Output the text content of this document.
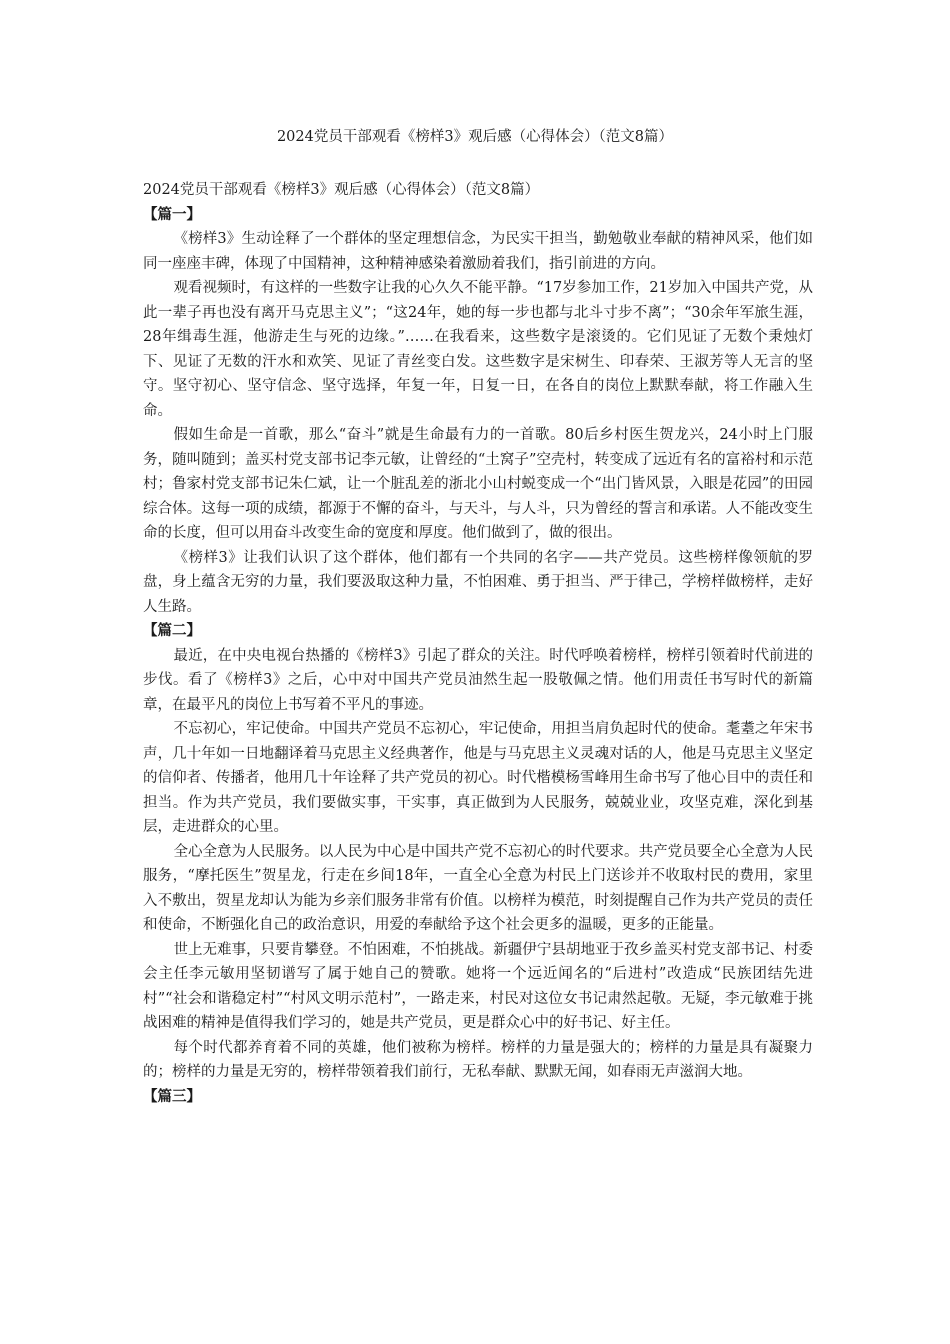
2024党员干部观看《榜样3》观后感（心得体会）（范文8篇）

2024党员干部观看《榜样3》观后感（心得体会）（范文8篇）

【篇一】

《榜样3》生动诠释了一个群体的坚定理想信念，为民实干担当，勤勉敬业奉献的精神风采，他们如同一座座丰碑，体现了中国精神，这种精神感染着激励着我们，指引前进的方向。

观看视频时，有这样的一些数字让我的心久久不能平静。“17岁参加工作，21岁加入中国共产党，从此一辈子再也没有离开马克思主义”；“这24年，她的每一步也都与北斗寸步不离”；“30余年军旅生涯，28年缉毒生涯，他游走生与死的边缘。”……在我看来，这些数字是滚烫的。它们见证了无数个秉烛灯下、见证了无数的汗水和欢笑、见证了青丝变白发。这些数字是宋树生、印春荣、王淑芳等人无言的坚守。坚守初心、坚守信念、坚守选择，年复一年，日复一日，在各自的岗位上默默奉献，将工作融入生命。

假如生命是一首歌，那么“奋斗”就是生命最有力的一首歌。80后乡村医生贺龙兴，24小时上门服务，随叫随到；盖买村党支部书记李元敏，让曾经的“土窝子”空壳村，转变成了远近有名的富裕村和示范村；鲁家村党支部书记朱仁斌，让一个脏乱差的浙北小山村蜕变成一个“出门皆风景，入眼是花园”的田园综合体。这每一项的成绩，都源于不懈的奋斗，与天斗，与人斗，只为曾经的誓言和承诺。人不能改变生命的长度，但可以用奋斗改变生命的宽度和厚度。他们做到了，做的很出。

《榜样3》让我们认识了这个群体，他们都有一个共同的名字——共产党员。这些榜样像领航的罗盘，身上蕴含无穷的力量，我们要汲取这种力量，不怕困难、勇于担当、严于律己，学榜样做榜样，走好人生路。

【篇二】

最近，在中央电视台热播的《榜样3》引起了群众的关注。时代呼唤着榜样，榜样引领着时代前进的步伐。看了《榜样3》之后，心中对中国共产党员油然生起一股敬佩之情。他们用责任书写时代的新篇章，在最平凡的岗位上书写着不平凡的事迹。

不忘初心，牢记使命。中国共产党员不忘初心，牢记使命，用担当肩负起时代的使命。耄耋之年宋书声，几十年如一日地翻译着马克思主义经典著作，他是与马克思主义灵魂对话的人，他是马克思主义坚定的信仰者、传播者，他用几十年诠释了共产党员的初心。时代楷模杨雪峰用生命书写了他心目中的责任和担当。作为共产党员，我们要做实事，干实事，真正做到为人民服务，兢兢业业，攻坚克难，深化到基层，走进群众的心里。

全心全意为人民服务。以人民为中心是中国共产党不忘初心的时代要求。共产党员要全心全意为人民服务，“摩托医生”贺星龙，行走在乡间18年，一直全心全意为村民上门送诊并不收取村民的费用，家里入不敷出，贺星龙却认为能为乡亲们服务非常有价值。以榜样为模范，时刻提醒自己作为共产党员的责任和使命，不断强化自己的政治意识，用爱的奉献给予这个社会更多的温暖，更多的正能量。

世上无难事，只要肯攀登。不怕困难，不怕挑战。新疆伊宁县胡地亚于孜乡盖买村党支部书记、村委会主任李元敏用坚韧谱写了属于她自己的赞歌。她将一个远近闻名的“后进村”改造成“民族团结先进村”“社会和谐稳定村”“村风文明示范村”，一路走来，村民对这位女书记肃然起敬。无疑，李元敏难于挑战困难的精神是值得我们学习的，她是共产党员，更是群众心中的好书记、好主任。

每个时代都养育着不同的英雄，他们被称为榜样。榜样的力量是强大的；榜样的力量是具有凝聚力的；榜样的力量是无穷的，榜样带领着我们前行，无私奉献、默默无闻，如春雨无声滋润大地。

【篇三】
